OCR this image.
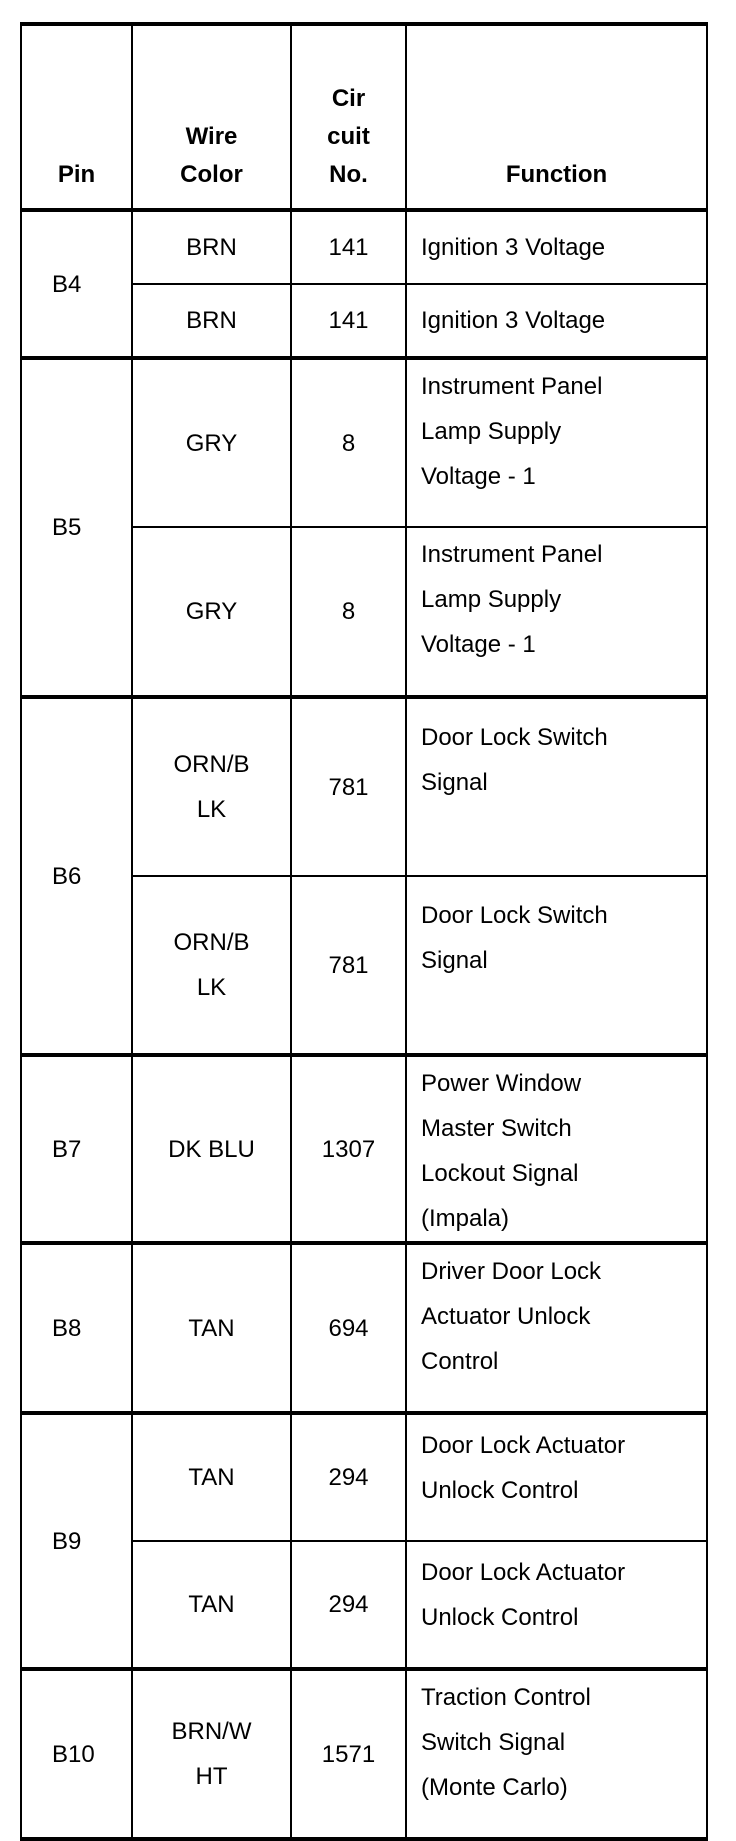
Pin	Wire
Color	Cir
cuit
No.	Function

B4	BRN	141	Ignition 3 Voltage

	BRN	141	Ignition 3 Voltage

B5	GRY	8	Instrument Panel
Lamp Supply
Voltage - 1

	GRY	8	Instrument Panel
Lamp Supply
Voltage - 1

B6	ORN/B
LK	781	Door Lock Switch
Signal

	ORN/B
LK	781	Door Lock Switch
Signal

B7	DK BLU	1307	Power Window
Master Switch
Lockout Signal
(Impala)

B8	TAN	694	Driver Door Lock
Actuator Unlock
Control

B9	TAN	294	Door Lock Actuator
Unlock Control

	TAN	294	Door Lock Actuator
Unlock Control

B10	BRN/W
HT	1571	Traction Control
Switch Signal
(Monte Carlo)
